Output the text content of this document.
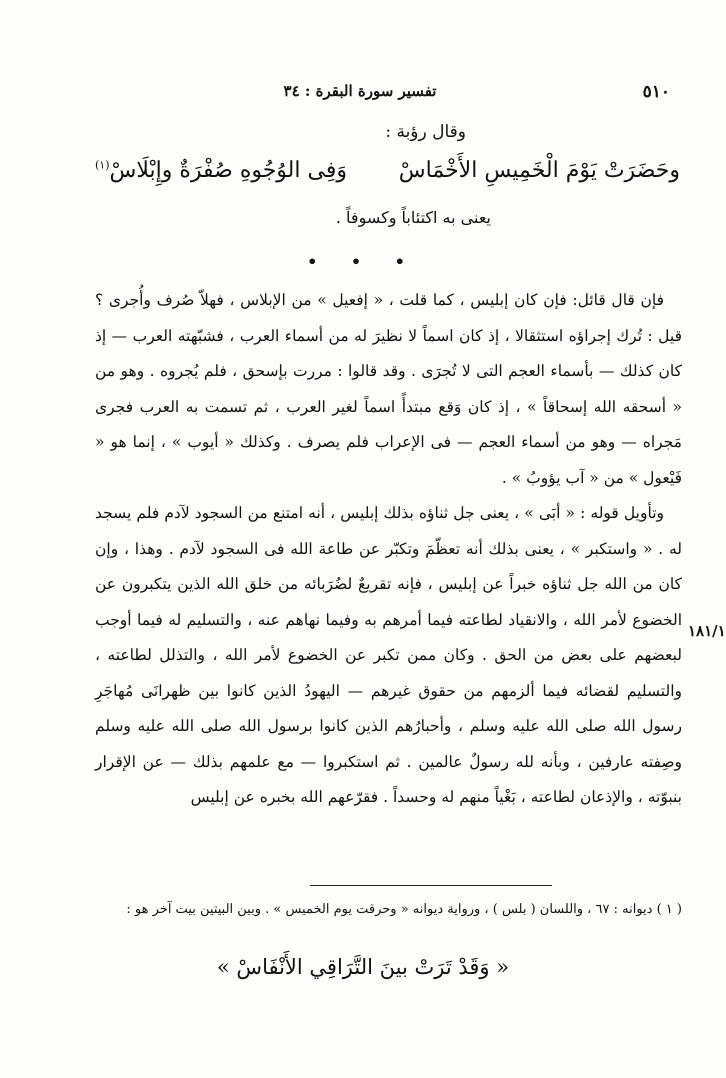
٥١٠
تفسير سورة البقرة : ٣٤
وقال رؤبة :
وحَضَرَتْ يَوْمَ الْخَمِيسِ الأَخْمَاسْ
وَفِى الوُجُوهِ صُفْرَةٌ وإِبْلَاسْ$^{(١)}$
يعنى به اكتئاباً وكسوفاً .
• • •

فإن قال قائل: فإن كان إبليس ، كما قلت ، « إفعيل » من الإبلاس ، فهلاّ صُرف وأُجرى ؟ قيل : تُرك إجراؤه استثقالا ، إذ كان اسماً لا نظيرَ له من أسماء العرب ، فشبّهته العرب — إذ كان كذلك — بأسماء العجم التى لا تُجرَى . وقد قالوا : مررت بإسحق ، فلم يُجروه . وهو من « أسحقه الله إسحاقاً » ، إذ كان وَقع مبتدأً اسماً لغير العرب ، ثم تسمت به العرب فجرى مَجراه — وهو من أسماء العجم — فى الإعراب فلم يصرف . وكذلك « أيوب » ، إنما هو « فَيْعول » من « آب يؤوبُ » .

وتأويل قوله : « أبَى » ، يعنى جل ثناؤه بذلك إبليس ، أنه امتنع من السجود لآدم فلم يسجد له . « واستكبر » ، يعنى بذلك أنه تعظّمَ وتكبّر عن طاعة الله فى السجود لآدم . وهذا ، وإن كان من الله جل ثناؤه خبراً عن إبليس ، فإنه تقريعٌ لضُرَبائه من خلق الله الذين يتكبرون عن الخضوع لأمر الله ، والانقياد لطاعته فيما أمرهم به وفيما نهاهم عنه ، والتسليم له فيما أوجب لبعضهم على بعض من الحق . وكان ممن تكبر عن الخضوع لأمر الله ، والتذلل لطاعته ، والتسليم لقضائه فيما ألزمهم من حقوق غيرهم — اليهودُ الذين كانوا بين ظهرانَى مُهاجَرِ رسول الله صلى الله عليه وسلم ، وأحبارُهم الذين كانوا برسول الله صلى الله عليه وسلم وصِفته عارفين ، وبأنه لله رسولٌ عالمين . ثم استكبروا — مع علمهم بذلك — عن الإقرار بنبوّته ، والإذعان لطاعته ، بَغْياً منهم له وحسداً . فقرّعهم الله بخبره عن إبليس

١٨١/١
( ١ ) ديوانه : ٦٧ ، واللسان ( بلس ) ، ورواية ديوانه « وحرقت يوم الخميس » . وبين البيتين بيت آخر هو :
« وَقَدْ تَرَتْ بينَ التَّرَاقِي الأَنْفَاسْ »
